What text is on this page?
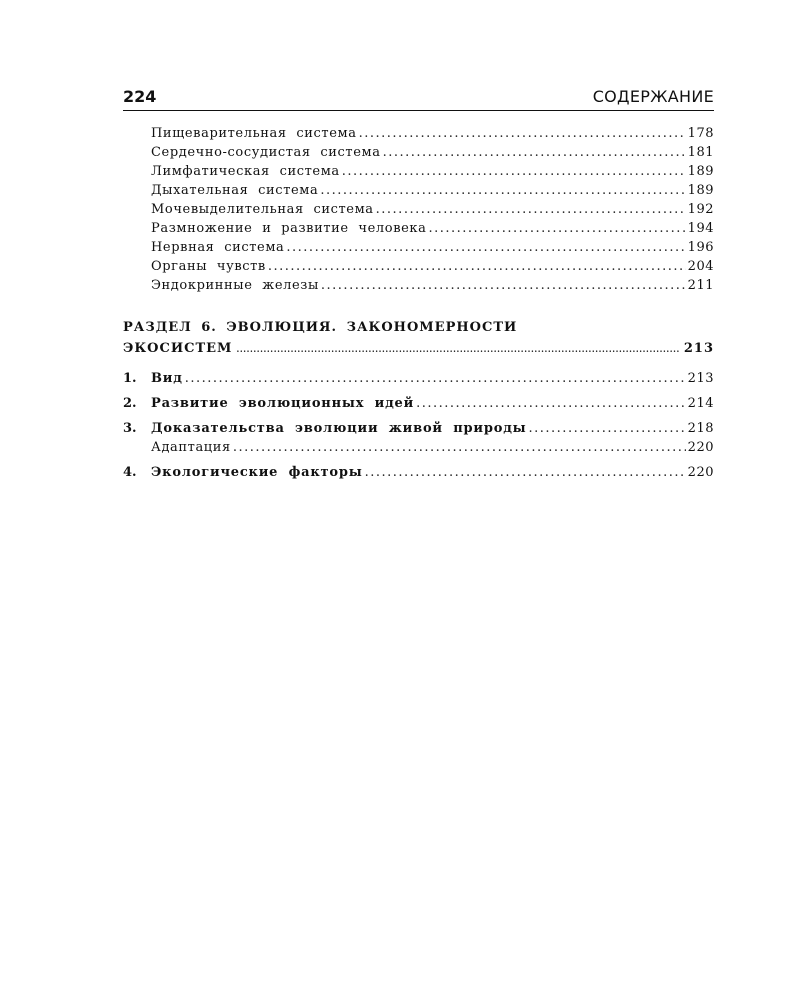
224	СОДЕРЖАНИЕ
Пищеварительная система .....	178
Сердечно-сосудистая система .....	181
Лимфатическая система .....	189
Дыхательная система .....	189
Мочевыделительная система .....	192
Размножение и развитие человека .....	194
Нервная система .....	196
Органы чувств .....	204
Эндокринные железы .....	211
РАЗДЕЛ 6. ЭВОЛЮЦИЯ. ЗАКОНОМЕРНОСТИ
ЭКОСИСТЕМ .....	213
1.	Вид .....	213
2.	Развитие эволюционных идей .....	214
3.	Доказательства эволюции живой природы .....	218
Адаптация .....	220
4.	Экологические факторы .....	220
